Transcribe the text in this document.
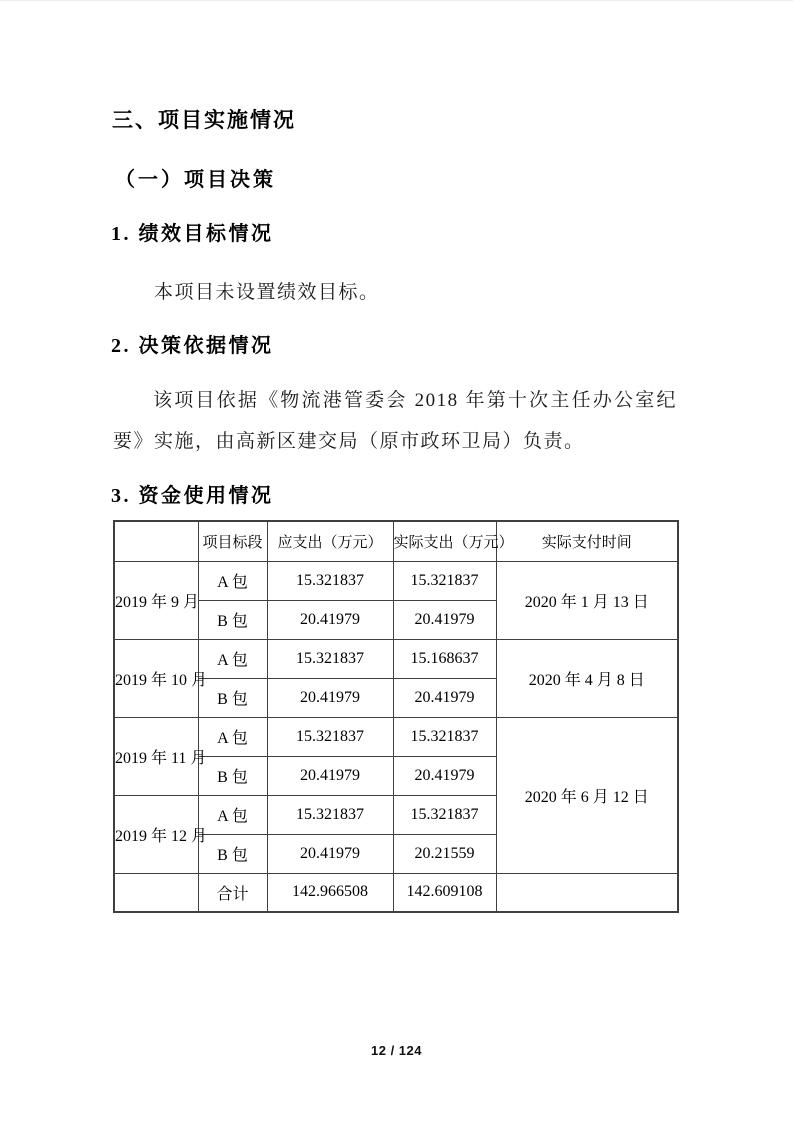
三、项目实施情况
（一）项目决策
1. 绩效目标情况
本项目未设置绩效目标。
2. 决策依据情况
该项目依据《物流港管委会 2018 年第十次主任办公室纪
要》实施，由高新区建交局（原市政环卫局）负责。
3. 资金使用情况
	项目标段	应支出（万元）	实际支出（万元）	实际支付时间
2019 年 9 月	A 包	15.321837	15.321837	2020 年 1 月 13 日
	B 包	20.41979	20.41979	
2019 年 10 月	A 包	15.321837	15.168637	2020 年 4 月 8 日
	B 包	20.41979	20.41979	
2019 年 11 月	A 包	15.321837	15.321837	2020 年 6 月 12 日
	B 包	20.41979	20.41979	
2019 年 12 月	A 包	15.321837	15.321837	
	B 包	20.41979	20.21559	
	合计	142.966508	142.609108	
12 / 124
